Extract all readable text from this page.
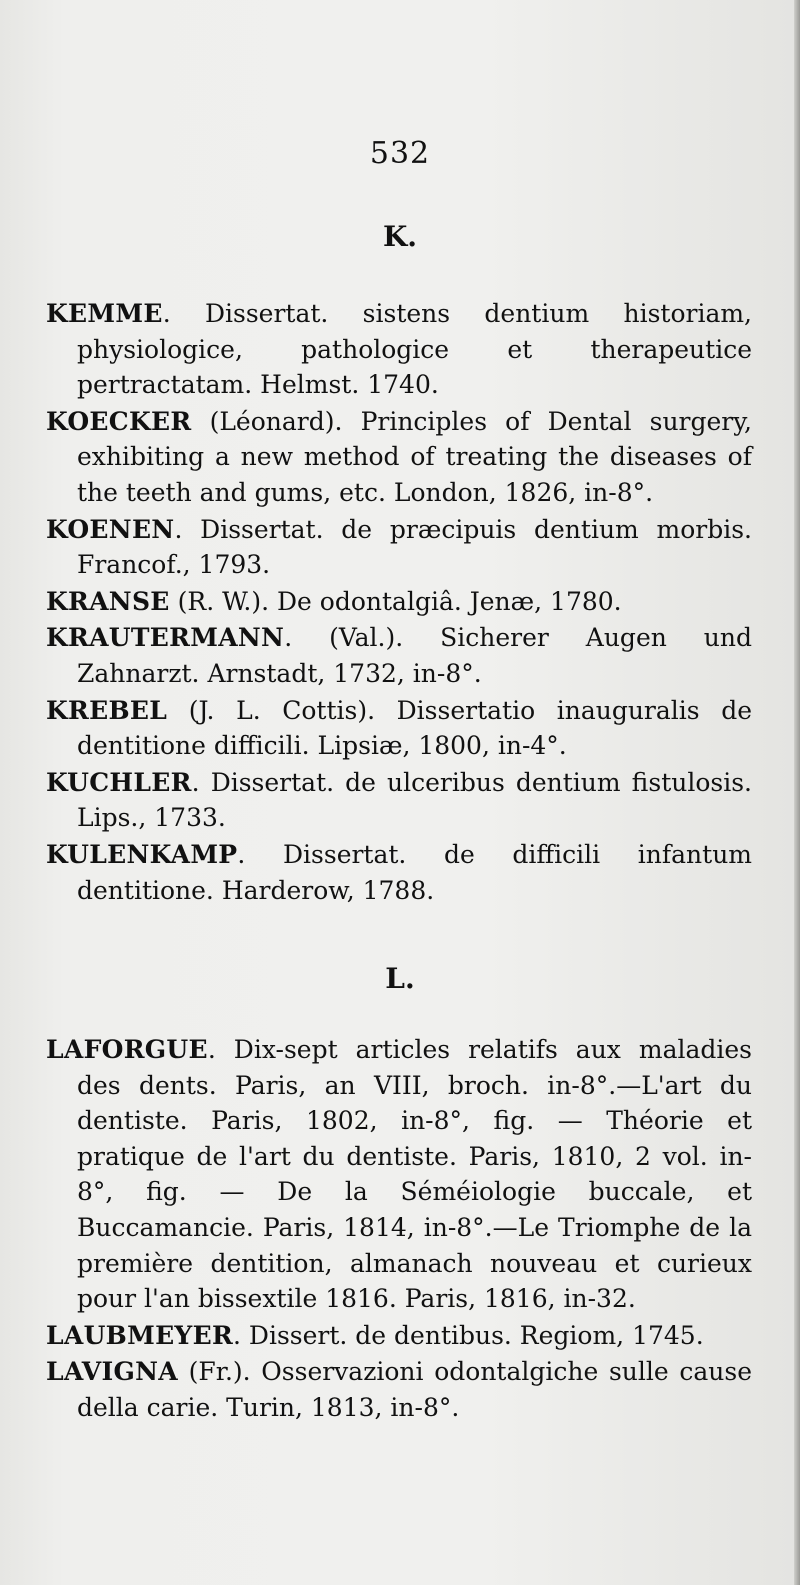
532
K.

KEMME. Dissertat. sistens dentium historiam, physiologice, pathologice et therapeutice pertractatam. Helmst. 1740.

KOECKER (Léonard). Principles of Dental surgery, exhibiting a new method of treating the diseases of the teeth and gums, etc. London, 1826, in-8°.

KOENEN. Dissertat. de præcipuis dentium morbis. Francof., 1793.

KRANSE (R. W.). De odontalgiâ. Jenæ, 1780.

KRAUTERMANN. (Val.). Sicherer Augen und Zahnarzt. Arnstadt, 1732, in-8°.

KREBEL (J. L. Cottis). Dissertatio inauguralis de dentitione difficili. Lipsiæ, 1800, in-4°.

KUCHLER. Dissertat. de ulceribus dentium fistulosis. Lips., 1733.

KULENKAMP. Dissertat. de difficili infantum dentitione. Harderow, 1788.

L.

LAFORGUE. Dix-sept articles relatifs aux maladies des dents. Paris, an VIII, broch. in-8°.—L'art du dentiste. Paris, 1802, in-8°, fig. — Théorie et pratique de l'art du dentiste. Paris, 1810, 2 vol. in-8°, fig. — De la Séméiologie buccale, et Buccamancie. Paris, 1814, in-8°.—Le Triomphe de la première dentition, almanach nouveau et curieux pour l'an bissextile 1816. Paris, 1816, in-32.

LAUBMEYER. Dissert. de dentibus. Regiom, 1745.

LAVIGNA (Fr.). Osservazioni odontalgiche sulle cause della carie. Turin, 1813, in-8°.
